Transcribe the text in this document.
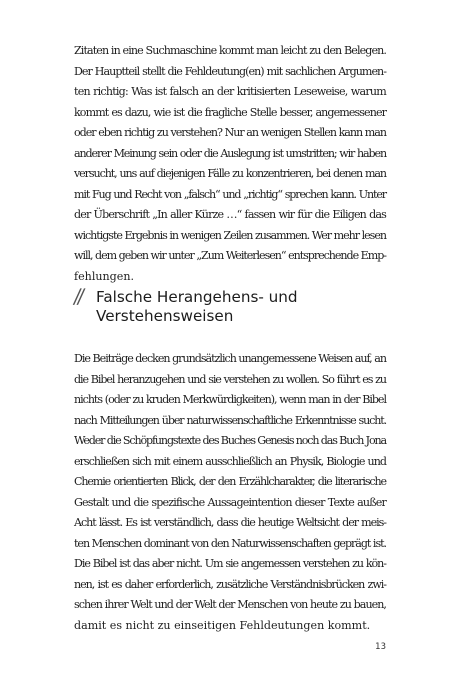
Zitaten in eine Suchmaschine kommt man leicht zu den Belegen.
Der Hauptteil stellt die Fehldeutung(en) mit sachlichen Argumen-
ten richtig: Was ist falsch an der kritisierten Leseweise, warum
kommt es dazu, wie ist die fragliche Stelle besser, angemessener
oder eben richtig zu verstehen? Nur an wenigen Stellen kann man
anderer Meinung sein oder die Auslegung ist umstritten; wir haben
versucht, uns auf diejenigen Fälle zu konzentrieren, bei denen man
mit Fug und Recht von „falsch“ und „richtig“ sprechen kann. Unter
der Überschrift „In aller Kürze …“ fassen wir für die Eiligen das
wichtigste Ergebnis in wenigen Zeilen zusammen. Wer mehr lesen
will, dem geben wir unter „Zum Weiterlesen“ entsprechende Emp-
fehlungen.

// Falsche Herangehens- und
Verstehensweisen

Die Beiträge decken grundsätzlich unangemessene Weisen auf, an
die Bibel heranzugehen und sie verstehen zu wollen. So führt es zu
nichts (oder zu kruden Merkwürdigkeiten), wenn man in der Bibel
nach Mitteilungen über naturwissenschaftliche Erkenntnisse sucht.
Weder die Schöpfungstexte des Buches Genesis noch das Buch Jona
erschließen sich mit einem ausschließlich an Physik, Biologie und
Chemie orientierten Blick, der den Erzählcharakter, die literarische
Gestalt und die spezifische Aussageintention dieser Texte außer
Acht lässt. Es ist verständlich, dass die heutige Weltsicht der meis-
ten Menschen dominant von den Naturwissenschaften geprägt ist.
Die Bibel ist das aber nicht. Um sie angemessen verstehen zu kön-
nen, ist es daher erforderlich, zusätzliche Verständnisbrücken zwi-
schen ihrer Welt und der Welt der Menschen von heute zu bauen,
damit es nicht zu einseitigen Fehldeutungen kommt.

13
